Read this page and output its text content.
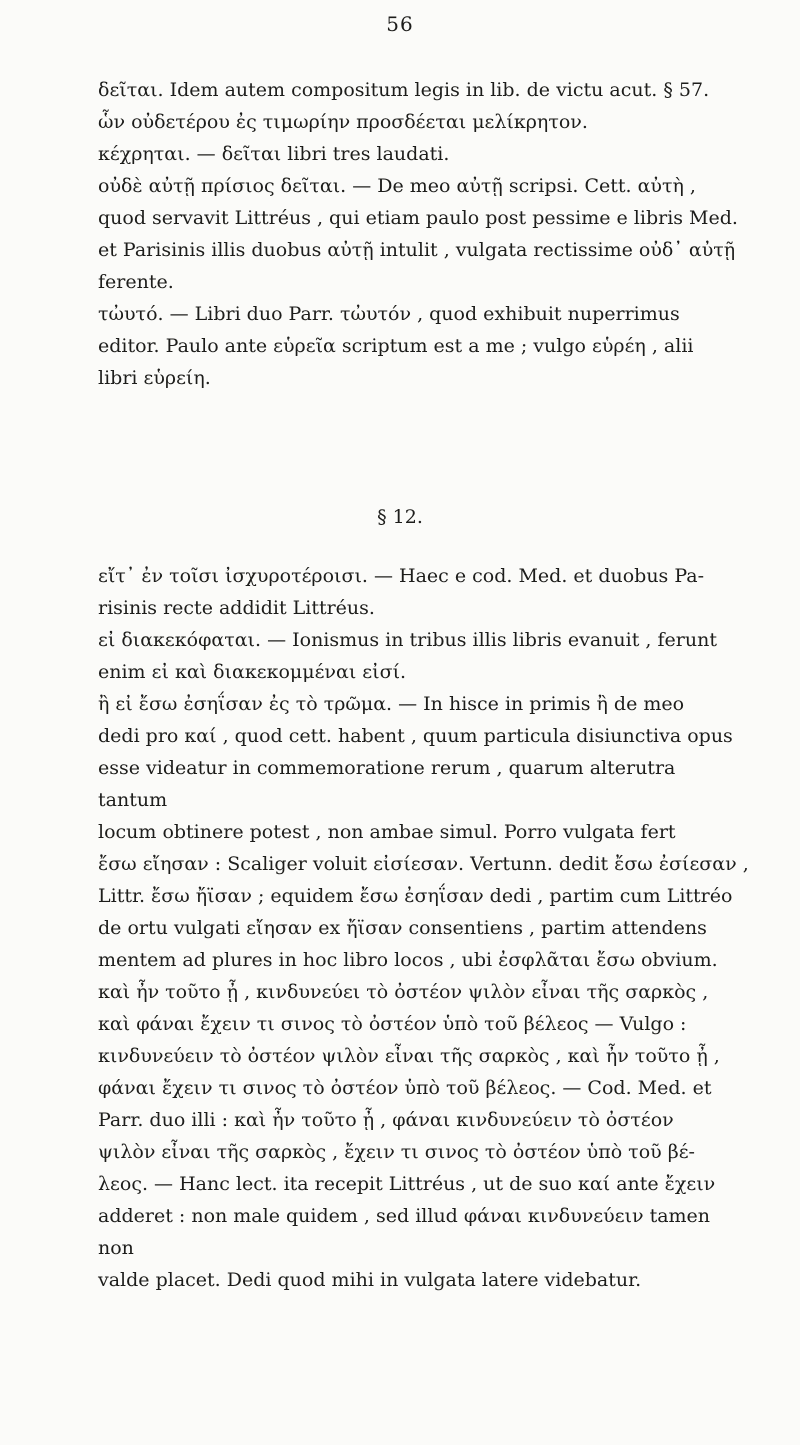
56

δεῖται. Idem autem compositum legis in lib. de victu acut. § 57.

ὧν οὐδετέρου ἐς τιμωρίην προσδέεται μελίκρητον.

κέχρηται. — δεῖται libri tres laudati.

οὐδὲ αὐτῇ πρίσιος δεῖται. — De meo αὐτῇ scripsi. Cett. αὐτὴ ,

quod servavit Littréus , qui etiam paulo post pessime e libris Med.

et Parisinis illis duobus αὐτῇ intulit , vulgata rectissime οὐδ᾽ αὐτῇ

ferente.

τὠυτό. — Libri duo Parr. τὠυτόν , quod exhibuit nuperrimus

editor. Paulo ante εὑρεῖα scriptum est a me ; vulgo εὑρέη , alii

libri εὑρείη.

§ 12.

εἴτ᾽ ἐν τοῖσι ἰσχυροτέροισι. — Haec e cod. Med. et duobus Pa-

risinis recte addidit Littréus.

εἰ διακεκόφαται. — Ionismus in tribus illis libris evanuit , ferunt

enim εἰ καὶ διακεκομμέναι εἰσί.

ἢ εἰ ἔσω ἐσηΐσαν ἐς τὸ τρῶμα. — In hisce in primis ἢ de meo

dedi pro καί , quod cett. habent , quum particula disiunctiva opus

esse videatur in commemoratione rerum , quarum alterutra tantum

locum obtinere potest , non ambae simul. Porro vulgata fert

ἔσω εἴησαν : Scaliger voluit εἰσίεσαν. Vertunn. dedit ἔσω ἐσίεσαν ,

Littr. ἔσω ἤϊσαν ; equidem ἔσω ἐσηΐσαν dedi , partim cum Littréo

de ortu vulgati εἴησαν ex ἤϊσαν consentiens , partim attendens

mentem ad plures in hoc libro locos , ubi ἐσφλᾶται ἔσω obvium.

καὶ ἦν τοῦτο ᾖ , κινδυνεύει τὸ ὀστέον ψιλὸν εἶναι τῆς σαρκὸς ,

καὶ φάναι ἔχειν τι σινος τὸ ὀστέον ὑπὸ τοῦ βέλεος — Vulgo :

κινδυνεύειν τὸ ὀστέον ψιλὸν εἶναι τῆς σαρκὸς , καὶ ἦν τοῦτο ᾖ ,

φάναι ἔχειν τι σινος τὸ ὀστέον ὑπὸ τοῦ βέλεος. — Cod. Med. et

Parr. duo illi : καὶ ἦν τοῦτο ᾖ , φάναι κινδυνεύειν τὸ ὀστέον

ψιλὸν εἶναι τῆς σαρκὸς , ἔχειν τι σινος τὸ ὀστέον ὑπὸ τοῦ βέ-

λεος. — Hanc lect. ita recepit Littréus , ut de suo καί ante ἔχειν

adderet : non male quidem , sed illud φάναι κινδυνεύειν tamen non

valde placet. Dedi quod mihi in vulgata latere videbatur.
